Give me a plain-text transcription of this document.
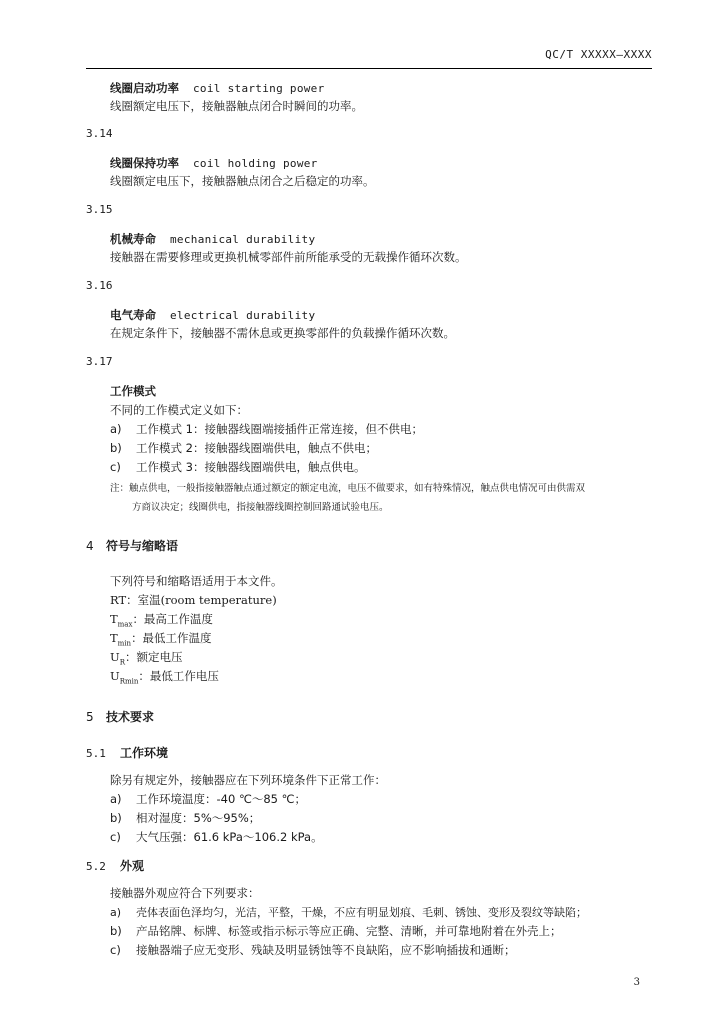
QC/T XXXXX—XXXX
线圈启动功率 coil starting power
线圈额定电压下，接触器触点闭合时瞬间的功率。
3.14
线圈保持功率 coil holding power
线圈额定电压下，接触器触点闭合之后稳定的功率。
3.15
机械寿命 mechanical durability
接触器在需要修理或更换机械零部件前所能承受的无载操作循环次数。
3.16
电气寿命 electrical durability
在规定条件下，接触器不需休息或更换零部件的负载操作循环次数。
3.17
工作模式
不同的工作模式定义如下：
a) 工作模式 1：接触器线圈端接插件正常连接，但不供电；
b) 工作模式 2：接触器线圈端供电，触点不供电；
c) 工作模式 3：接触器线圈端供电，触点供电。
注：触点供电，一般指接触器触点通过额定的额定电流，电压不做要求，如有特殊情况，触点供电情况可由供需双
方商议决定；线圈供电，指接触器线圈控制回路通试验电压。
4 符号与缩略语
下列符号和缩略语适用于本文件。
RT：室温(room temperature)
$T_{max}$：最高工作温度
$T_{min}$：最低工作温度
$U_R$：额定电压
$U_{Rmin}$：最低工作电压
5 技术要求
5.1 工作环境
除另有规定外，接触器应在下列环境条件下正常工作：
a) 工作环境温度：-40 ℃～85 ℃；
b) 相对湿度：5%～95%；
c) 大气压强：61.6 kPa～106.2 kPa。
5.2 外观
接触器外观应符合下列要求：
a) 壳体表面色泽均匀，光洁，平整，干燥，不应有明显划痕、毛刺、锈蚀、变形及裂纹等缺陷；
b) 产品铭牌、标牌、标签或指示标示等应正确、完整、清晰，并可靠地附着在外壳上；
c) 接触器端子应无变形、残缺及明显锈蚀等不良缺陷，应不影响插拔和通断；
3
